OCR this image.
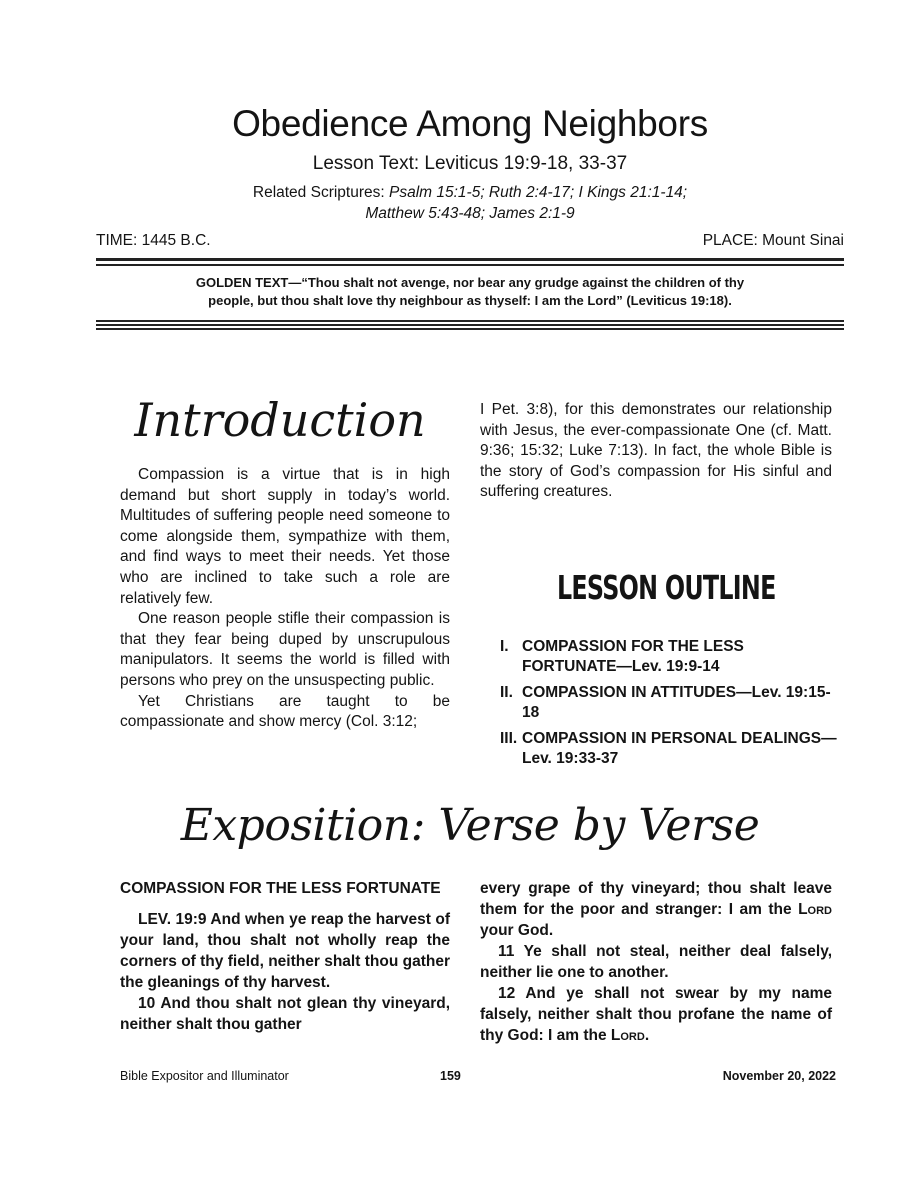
Obedience Among Neighbors
Lesson Text: Leviticus 19:9-18, 33-37
Related Scriptures: Psalm 15:1-5; Ruth 2:4-17; I Kings 21:1-14;
Matthew 5:43-48; James 2:1-9
TIME: 1445 B.C.	PLACE: Mount Sinai
GOLDEN TEXT—“Thou shalt not avenge, nor bear any grudge against the children of thy
people, but thou shalt love thy neighbour as thyself: I am the Lord” (Leviticus 19:18).
Introduction

Compassion is a virtue that is in high demand but short supply in today’s world. Multitudes of suffering people need someone to come alongside them, sympathize with them, and find ways to meet their needs. Yet those who are inclined to take such a role are relatively few.

One reason people stifle their compassion is that they fear being duped by unscrupulous manipulators. It seems the world is filled with persons who prey on the unsuspecting public.

Yet Christians are taught to be compassionate and show mercy (Col. 3:12;

I Pet. 3:8), for this demonstrates our relationship with Jesus, the ever-compassionate One (cf. Matt. 9:36; 15:32; Luke 7:13). In fact, the whole Bible is the story of God’s compassion for His sinful and suffering creatures.

LESSON OUTLINE
I. COMPASSION FOR THE LESS FORTUNATE—Lev. 19:9-14
II. COMPASSION IN ATTITUDES—Lev. 19:15-18
III. COMPASSION IN PERSONAL DEALINGS—Lev. 19:33-37
Exposition: Verse by Verse

COMPASSION FOR THE LESS FORTUNATE

LEV. 19:9 And when ye reap the harvest of your land, thou shalt not wholly reap the corners of thy field, neither shalt thou gather the gleanings of thy harvest.

10 And thou shalt not glean thy vineyard, neither shalt thou gather

every grape of thy vineyard; thou shalt leave them for the poor and stranger: I am the Lord your God.

11 Ye shall not steal, neither deal falsely, neither lie one to another.

12 And ye shall not swear by my name falsely, neither shalt thou profane the name of thy God: I am the Lord.

Bible Expositor and Illuminator	159	November 20, 2022
